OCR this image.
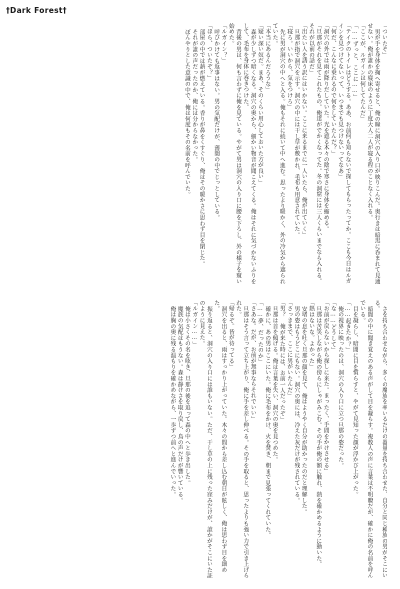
†Dark Forest†

「ついたぞ」

男が手を身体を掬へ寄せると、俺の瞳に洞穴の入り口が映りこんだ。奥行きは暗黒に呑まれて見通せない。俺が誰かの寝床のように丁度大人二人が寝る程のことなく入れる。

「ここが、ルガインは何してたんだ」

「……ずっと、ここに……」

「テイクのトイレはどうする。ああ、お前何も知らないで探してもらったってか。ここも今日はルガインを見つけてないって、いつまでも見つけないってなあ」

「何だ、こんなに乗れるので何をしていたんだ？」

「洞穴の外では雨が降りだしていた。光を遮る木々の陰で寒さに身体を縮める。

「旦那がそれを見てこれたもの。俺達がでかくなってた。冬の洞窟には三人くらいまでなら入れる。それが以前の話だ」

「出たい人を誘う訳にはいかない。ここに来るまでに一人いたら、俺が出ていく」

旦那が指で洞穴を示す。洞穴の中には干し草が敷かれ、毛布も用意されていた。

「寝ろ。いいから、気をつけろ」

先に男が洞穴の中へと入る。俺もそれに続いて中へ進む。思ったより暖かく、外の冷気から遮られていた。

「本当にあるんだろうな」

「疑い深い奴だ。まあ、そのくらい用心しておいた方が良い」

森が少しずつ暗くなる。洞穴の奥から、細かい物音が聞こえてくる。俺はそれに気づかないふりをして、毛布を身体に巻きつけた。

背後の男は、何も言わずに俺を見ている。やがて男は洞穴の入り口に腰を下ろし、外の様子を窺い始めた。

「ルガイン？」

呼びかけても返事はない。男の気配だけが、薄闇の中でじっとしている。

「ほら、ついたぞ？」

部屋の中では薪が燃えている。香りが鼻をくすぐり、俺はその暖かさに思わず目を閉じた。

それが誰の声だったのか、俺には分からなかった。

ぼんやりとした意識の中で、俺は何度もその名前を呼んでいた。

さを持ち合わせながら、多くの魔族を率いるだけの器量を持ち合わせた、自分と同じ種族の男がそこにいる。

暗闇の中に聞き覚えのある声がして目を凝らす。複数人の声に言葉は不明瞭だが、確かに俺の名前を呼んでいる。

目を凝らし、暗闇に目を慣らすと、やがて見知った顔が浮かび上がった。

「……起きたか？」

俺の視界に映ったのは、洞穴の入り口に立つ旦那の姿だった。

「な……どうして」

「お前が戻らないから探しに来た。まったく、手間をかけさせる」

旦那は苦笑しながら俺の傍らにしゃがみこむ。その手が俺の額に触れ、熱を確かめるように動いた。

「熱はないな。よかった」

安堵の息を吐く旦那の顔を見て、俺はようやく自分が助かったのだと理解した。

男の姿はもうどこにもない。洞穴の奥には、冷えた灰だけが残されている。

「さっきまで、ここに男がいたんだ」

「男？ 俺が来た時には、お前一人だったぞ」

旦那は首を傾げる。俺は言葉を失い、洞穴の奥を見つめた。

確かに、あの男はここにいた。俺に毛布をかけ、火を焚き、朝まで見張ってくれていた。

「……夢、だったのか」

「さあな。だが、お前が無事ならそれでいい」

旦那はそう言って立ち上がり、俺に手を差し伸べる。その手を取ると、思ったよりも強い力で引き上げられた。

「帰るぞ。皆が待ってる」

洞穴を出ると、雨はすっかり上がっていた。木々の間から差し込む朝日が眩しく、俺は思わず目を細めた。

振り返ると、洞穴の入り口には誰もいない。ただ、干し草の上に残った窪みだけが、誰かがそこにいた証のように見えた。

「ルガイン……」

俺は小さくその名を呟き、旦那の後を追って森の中へと歩き出した。

魔族の気配はもうない。森は静けさを取り戻し、鳥の声だけが響いている。

俺は胸の奥に残る温もりを確かめながら、一歩ずつ前へと進んでいった。
